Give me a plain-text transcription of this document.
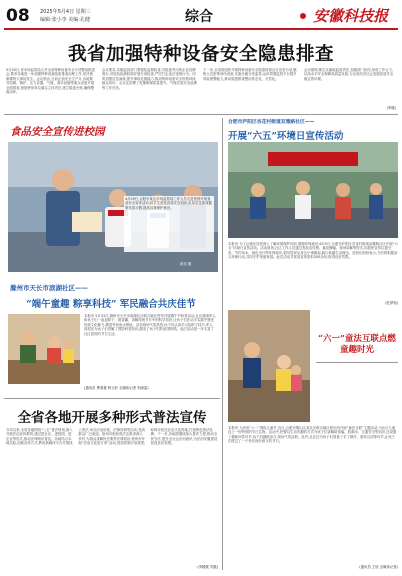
08 2025年5月4日 星期三
编辑:张小李 美编:孔健	综合	安徽科技报
我省加强特种设备安全隐患排查
5月30日,省市场监管局召开全省特种设备安全专项整治推进会,要求各地进一步加强特种设备隐患排查治理工作,坚决遏制重特大事故发生。会议指出,当前正值安全生产月,各地要对电梯、锅炉、压力容器、气瓶、游乐设施等重点设备开展全面排查,督促使用单位落实主体责任,建立隐患台账,确保整改闭环。
会议要求,各级监管部门要强化监督检查,对隐患突出的企业挂牌督办,对检验检测机构开展专项检查,严厉打击违法违规行为。同时加强应急演练,提升事故处置能力,推动特种设备安全形势持续稳定向好。会议还部署了电梯维保质量提升、气瓶充装安全追溯等工作任务。
下一步,全省将组织开展特种设备安全隐患排查百日攻坚行动,聚焦人员密集场所设备,实施分级分类监管,运用智慧监管平台提升风险预警能力,推动隐患排查整治常态化、长效化。
会议强调,要压实属地监管责任,加强部门协同,形成工作合力,以高水平安全保障高质量发展,为全省经济社会发展营造安全稳定的环境。
(李媛)
食品安全宣传进校园
4月29日,合肥市某区市场监管局工作人员走进校园开展食品安全宣传活动,向学生普及食品安全知识,引导学生养成健康饮食习惯,提高自我保护意识。
姚伟 摄
滁州市天长市滨湖社区——
“端午童趣 粽享科技” 军民融合共庆佳节
本报讯 5月31日,滁州市天长市滨湖社区联合辖区驻军开展端午节科普活动,社区邀请军人和孩子们一起包粽子、做香囊、讲解传统节日中的科学知识,让孩子们在动手实践中感受传统文化魅力,增进军民鱼水情谊。活动现场气氛热烈,孩子们认真学习包粽子技巧,军人叔叔还为孩子们讲解了国防科普知识,激发了孩子们的爱国热情。此次活动进一步丰富了社区居民的节日生活。
(通讯员 曹春蕾 阿文轩 全媒体记者 朱晓雷)
全省各地开展多种形式普法宣传
今年以来,全省各地围绕“八五”普法规划,深入开展法治宣传教育,通过进社区、进校园、进企业等形式,推动法律知识普及。各地结合本地实际,创新宣传方式,利用新媒体平台开展线上普法,举办法治讲座、法律咨询等活动,受到群众广泛欢迎。宿州市组织普法志愿者深入乡村,为群众讲解民法典等法律知识;亳州市开展“法治文化进万家”活动,营造浓厚法治氛围;蚌埠市依托法治文化阵地,打造特色普法品牌。下一步,各地将继续加大普法力度,推动全民守法,提升全社会法治意识,为法治安徽建设营造良好氛围。
(李媛媛 安徽)
合肥市庐阳区杏花村街道双雅路社区——
开展“六五”环境日宣传活动
本报讯 为了让辖区居民深入了解环境保护知识,增强环保意识,6月5日,合肥市庐阳区杏花村街道双雅路社区开展“六五”环境日宣传活动。活动现场,社区工作人员通过发放宣传册、悬挂横幅、现场讲解等形式,向居民宣传垃圾分类、节约用水、绿色出行等环保知识,倡导居民从身边小事做起,践行低碳生活理念。居民们纷纷表示,今后将积极参与环保行动,共同守护美丽家园。此次活动共发放宣传资料200余份,取得良好效果。
(杜梦茹)
“六一”童法互联点燃童趣时光
本报讯 为庆祝“六一”国际儿童节,近日,合肥市蜀山区某社区联合辖区派出所开展“童法互联”主题活动,为社区儿童送上一份特别的节日礼物。活动中,民警以生动有趣的方式为孩子们讲解防拐骗、防溺水、交通安全等知识,还设置了趣味问答环节,孩子们踊跃参与,现场气氛活跃。此外,社区还为孩子们准备了手工制作、游戏互动等环节,让孩子们度过了一个快乐而有意义的节日。
(通讯员 王欣 全媒体记者)
